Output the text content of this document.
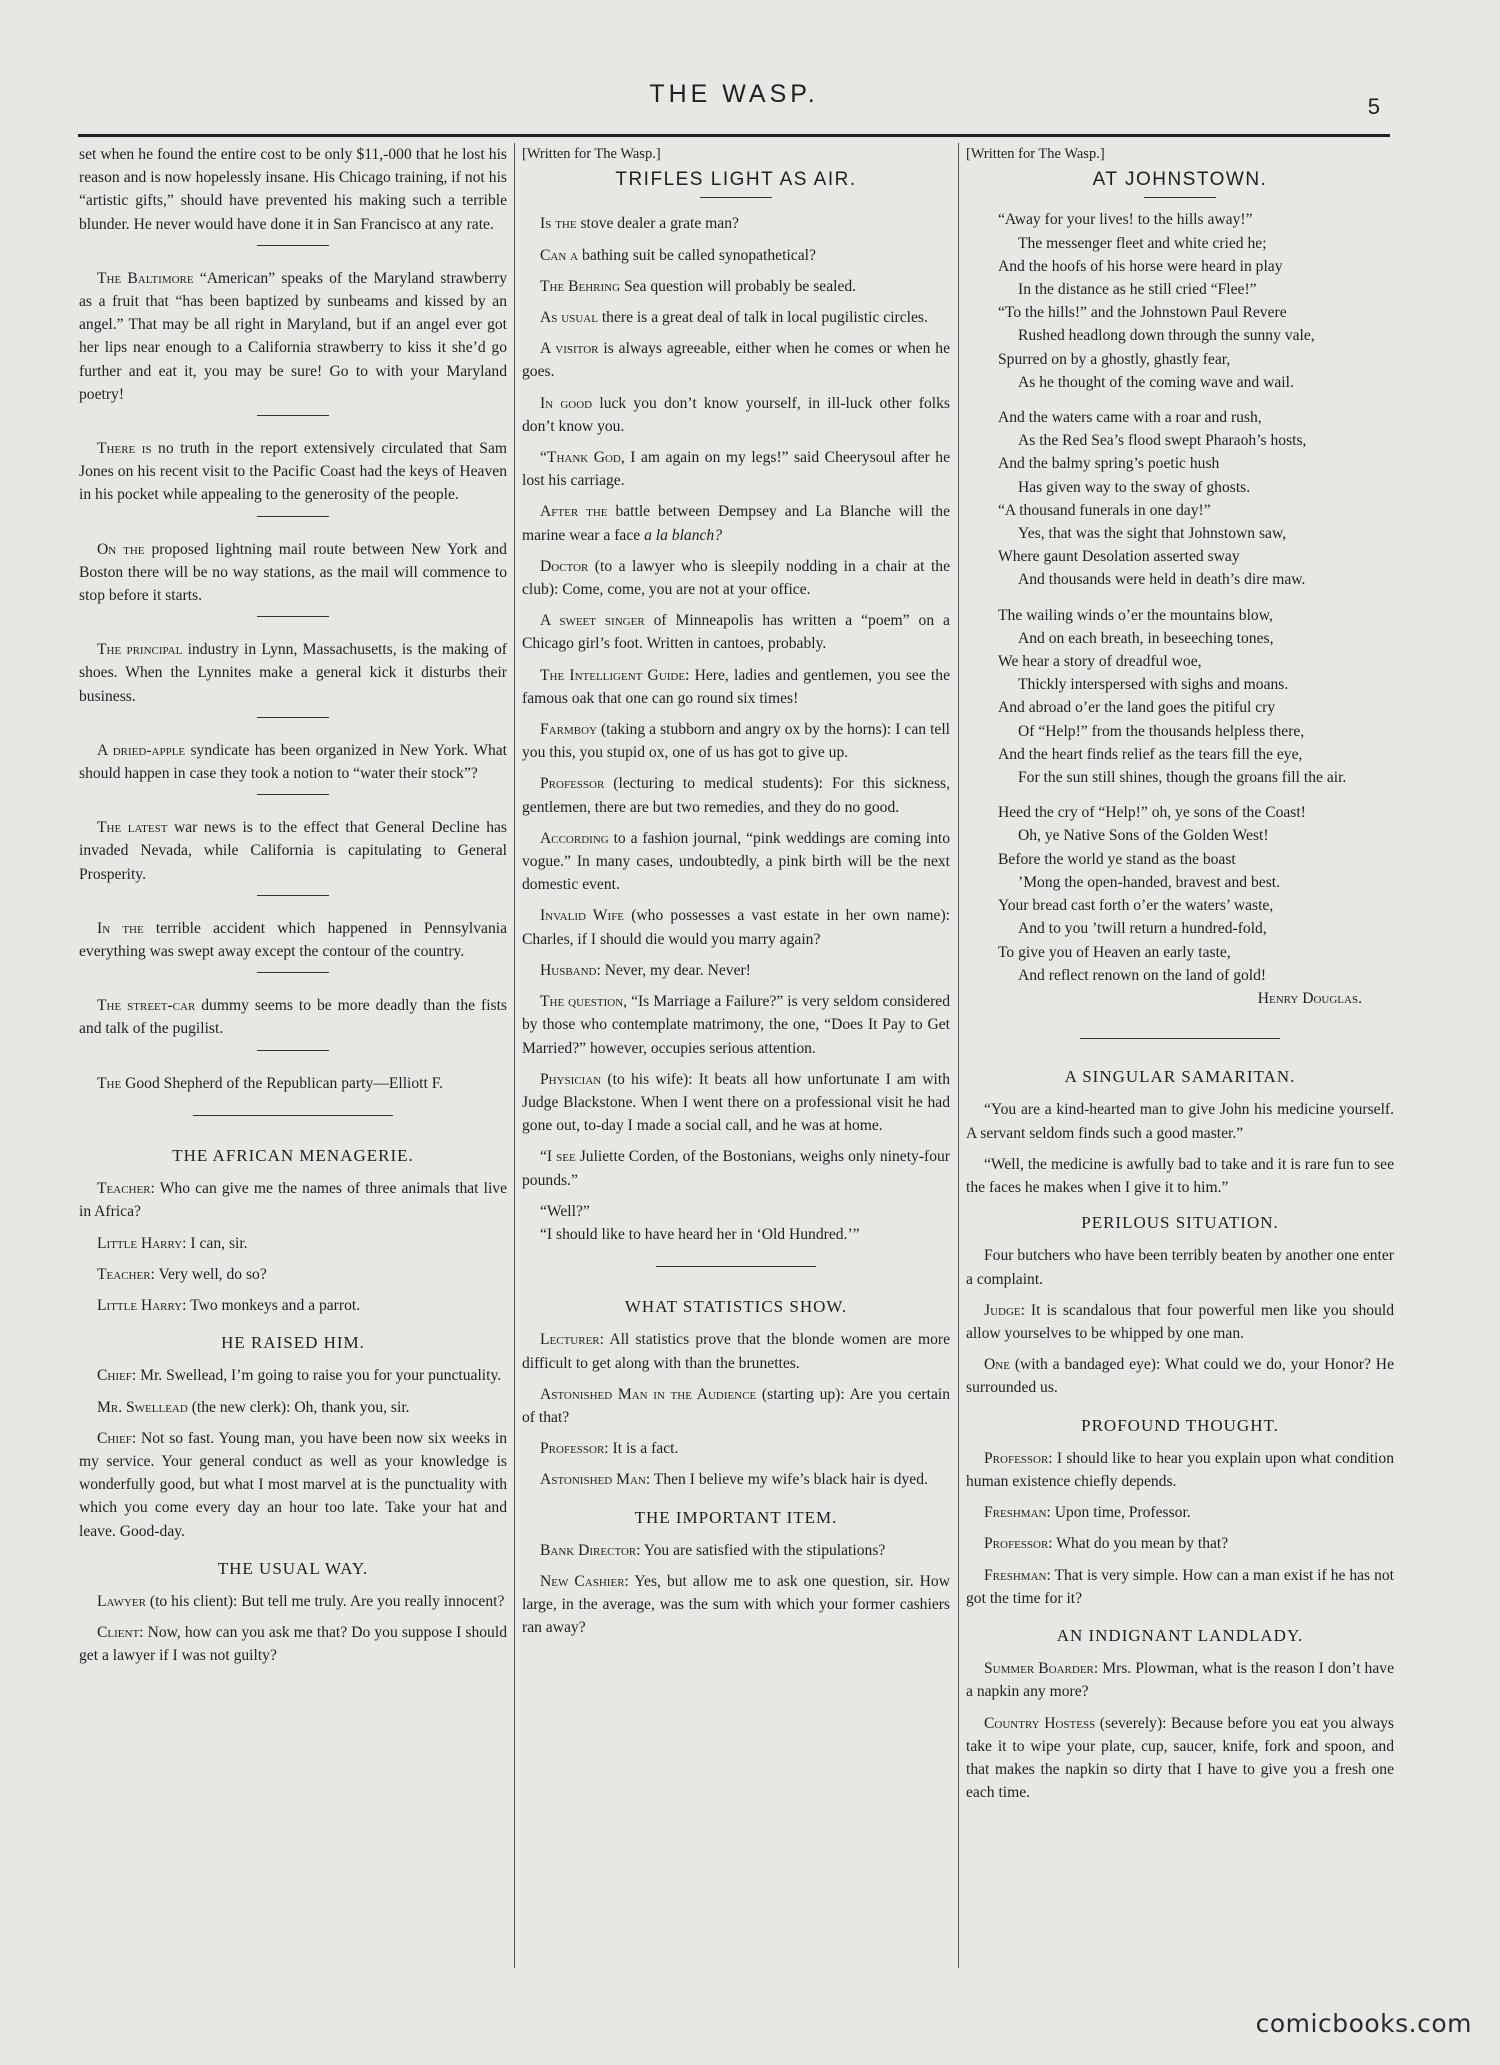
THE WASP.	5

set when he found the entire cost to be only $11,-000 that he lost his reason and is now hopelessly insane. His Chicago training, if not his “artistic gifts,” should have prevented his making such a terrible blunder. He never would have done it in San Francisco at any rate.

The Baltimore “American” speaks of the Maryland strawberry as a fruit that “has been baptized by sunbeams and kissed by an angel.” That may be all right in Maryland, but if an angel ever got her lips near enough to a California strawberry to kiss it she’d go further and eat it, you may be sure! Go to with your Maryland poetry!

There is no truth in the report extensively circulated that Sam Jones on his recent visit to the Pacific Coast had the keys of Heaven in his pocket while appealing to the generosity of the people.

On the proposed lightning mail route between New York and Boston there will be no way stations, as the mail will commence to stop before it starts.

The principal industry in Lynn, Massachusetts, is the making of shoes. When the Lynnites make a general kick it disturbs their business.

A dried-apple syndicate has been organized in New York. What should happen in case they took a notion to “water their stock”?

The latest war news is to the effect that General Decline has invaded Nevada, while California is capitulating to General Prosperity.

In the terrible accident which happened in Pennsylvania everything was swept away except the contour of the country.

The street-car dummy seems to be more deadly than the fists and talk of the pugilist.

The Good Shepherd of the Republican party—Elliott F.

THE AFRICAN MENAGERIE.

Teacher: Who can give me the names of three animals that live in Africa?

Little Harry: I can, sir.

Teacher: Very well, do so?

Little Harry: Two monkeys and a parrot.

HE RAISED HIM.

Chief: Mr. Swellead, I’m going to raise you for your punctuality.

Mr. Swellead (the new clerk): Oh, thank you, sir.

Chief: Not so fast. Young man, you have been now six weeks in my service. Your general conduct as well as your knowledge is wonderfully good, but what I most marvel at is the punctuality with which you come every day an hour too late. Take your hat and leave. Good-day.

THE USUAL WAY.

Lawyer (to his client): But tell me truly. Are you really innocent?

Client: Now, how can you ask me that? Do you suppose I should get a lawyer if I was not guilty?

[Written for The Wasp.]

TRIFLES LIGHT AS AIR.

Is the stove dealer a grate man?

Can a bathing suit be called synopathetical?

The Behring Sea question will probably be sealed.

As usual there is a great deal of talk in local pugilistic circles.

A visitor is always agreeable, either when he comes or when he goes.

In good luck you don’t know yourself, in ill-luck other folks don’t know you.

“Thank God, I am again on my legs!” said Cheerysoul after he lost his carriage.

After the battle between Dempsey and La Blanche will the marine wear a face a la blanch?

Doctor (to a lawyer who is sleepily nodding in a chair at the club): Come, come, you are not at your office.

A sweet singer of Minneapolis has written a “poem” on a Chicago girl’s foot. Written in cantoes, probably.

The Intelligent Guide: Here, ladies and gentlemen, you see the famous oak that one can go round six times!

Farmboy (taking a stubborn and angry ox by the horns): I can tell you this, you stupid ox, one of us has got to give up.

Professor (lecturing to medical students): For this sickness, gentlemen, there are but two remedies, and they do no good.

According to a fashion journal, “pink weddings are coming into vogue.” In many cases, undoubtedly, a pink birth will be the next domestic event.

Invalid Wife (who possesses a vast estate in her own name): Charles, if I should die would you marry again?

Husband: Never, my dear. Never!

The question, “Is Marriage a Failure?” is very seldom considered by those who contemplate matrimony, the one, “Does It Pay to Get Married?” however, occupies serious attention.

Physician (to his wife): It beats all how unfortunate I am with Judge Blackstone. When I went there on a professional visit he had gone out, to-day I made a social call, and he was at home.

“I see Juliette Corden, of the Bostonians, weighs only ninety-four pounds.”

“Well?”

“I should like to have heard her in ‘Old Hundred.’”

WHAT STATISTICS SHOW.

Lecturer: All statistics prove that the blonde women are more difficult to get along with than the brunettes.

Astonished Man in the Audience (starting up): Are you certain of that?

Professor: It is a fact.

Astonished Man: Then I believe my wife’s black hair is dyed.

THE IMPORTANT ITEM.

Bank Director: You are satisfied with the stipulations?

New Cashier: Yes, but allow me to ask one question, sir. How large, in the average, was the sum with which your former cashiers ran away?

[Written for The Wasp.]

AT JOHNSTOWN.

“Away for your lives! to the hills away!”

The messenger fleet and white cried he;

And the hoofs of his horse were heard in play

In the distance as he still cried “Flee!”

“To the hills!” and the Johnstown Paul Revere

Rushed headlong down through the sunny vale,

Spurred on by a ghostly, ghastly fear,

As he thought of the coming wave and wail.

And the waters came with a roar and rush,

As the Red Sea’s flood swept Pharaoh’s hosts,

And the balmy spring’s poetic hush

Has given way to the sway of ghosts.

“A thousand funerals in one day!”

Yes, that was the sight that Johnstown saw,

Where gaunt Desolation asserted sway

And thousands were held in death’s dire maw.

The wailing winds o’er the mountains blow,

And on each breath, in beseeching tones,

We hear a story of dreadful woe,

Thickly interspersed with sighs and moans.

And abroad o’er the land goes the pitiful cry

Of “Help!” from the thousands helpless there,

And the heart finds relief as the tears fill the eye,

For the sun still shines, though the groans fill the air.

Heed the cry of “Help!” oh, ye sons of the Coast!

Oh, ye Native Sons of the Golden West!

Before the world ye stand as the boast

’Mong the open-handed, bravest and best.

Your bread cast forth o’er the waters’ waste,

And to you ’twill return a hundred-fold,

To give you of Heaven an early taste,

And reflect renown on the land of gold!

Henry Douglas.

A SINGULAR SAMARITAN.

“You are a kind-hearted man to give John his medicine yourself. A servant seldom finds such a good master.”

“Well, the medicine is awfully bad to take and it is rare fun to see the faces he makes when I give it to him.”

PERILOUS SITUATION.

Four butchers who have been terribly beaten by another one enter a complaint.

Judge: It is scandalous that four powerful men like you should allow yourselves to be whipped by one man.

One (with a bandaged eye): What could we do, your Honor? He surrounded us.

PROFOUND THOUGHT.

Professor: I should like to hear you explain upon what condition human existence chiefly depends.

Freshman: Upon time, Professor.

Professor: What do you mean by that?

Freshman: That is very simple. How can a man exist if he has not got the time for it?

AN INDIGNANT LANDLADY.

Summer Boarder: Mrs. Plowman, what is the reason I don’t have a napkin any more?

Country Hostess (severely): Because before you eat you always take it to wipe your plate, cup, saucer, knife, fork and spoon, and that makes the napkin so dirty that I have to give you a fresh one each time.

comicbooks.com
